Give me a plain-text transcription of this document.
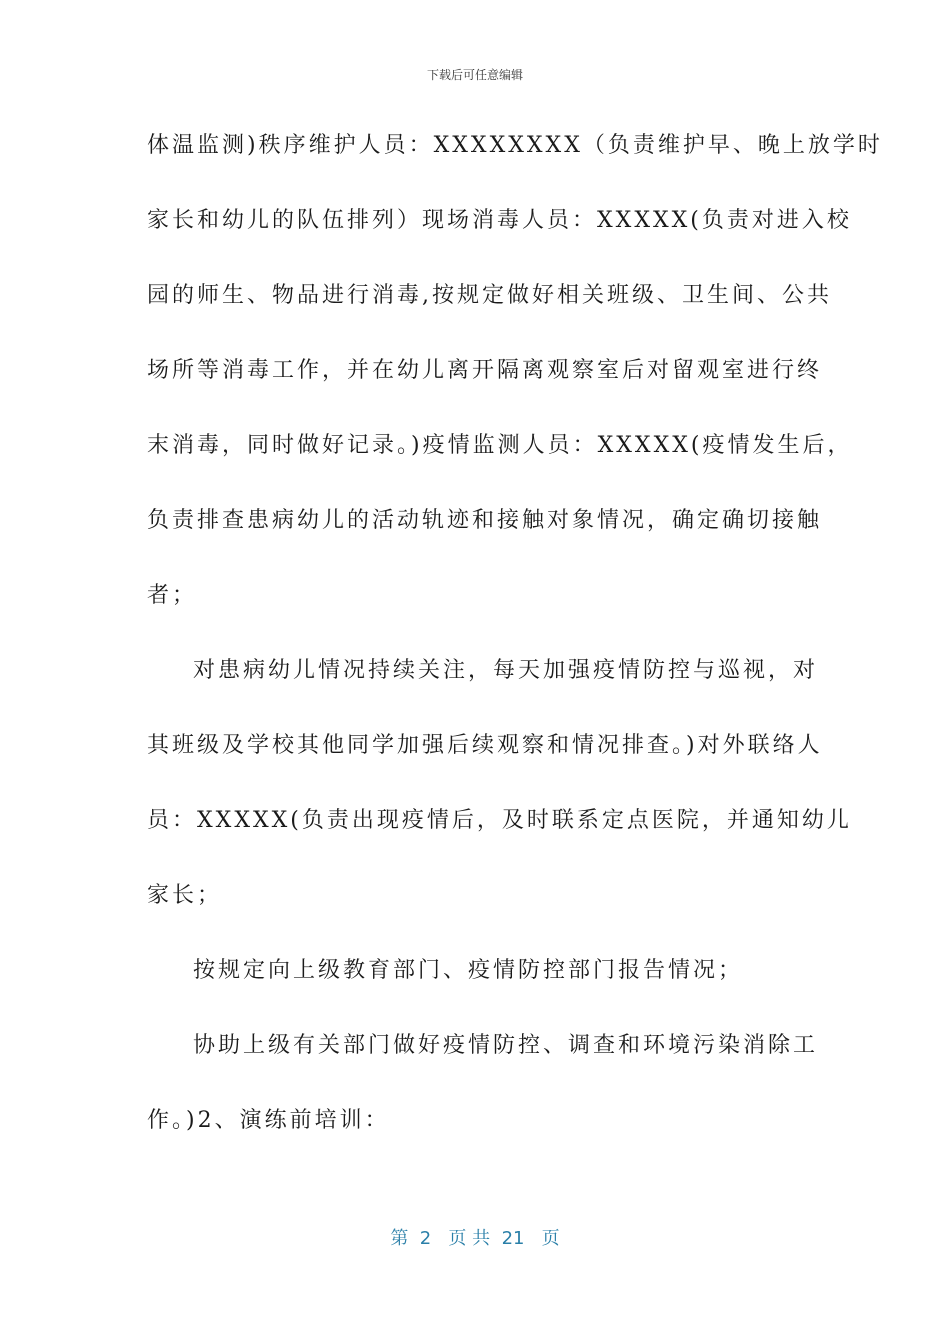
下载后可任意编辑
体温监测)秩序维护人员：XXXXXXXX（负责维护早、晚上放学时
家长和幼儿的队伍排列）现场消毒人员：XXXXX(负责对进入校
园的师生、物品进行消毒,按规定做好相关班级、卫生间、公共
场所等消毒工作，并在幼儿离开隔离观察室后对留观室进行终
末消毒，同时做好记录。)疫情监测人员：XXXXX(疫情发生后，
负责排查患病幼儿的活动轨迹和接触对象情况，确定确切接触
者；
对患病幼儿情况持续关注，每天加强疫情防控与巡视，对
其班级及学校其他同学加强后续观察和情况排查。)对外联络人
员：XXXXX(负责出现疫情后，及时联系定点医院，并通知幼儿
家长；
按规定向上级教育部门、疫情防控部门报告情况；
协助上级有关部门做好疫情防控、调查和环境污染消除工
作。)2、演练前培训：
第  2   页 共  21   页
